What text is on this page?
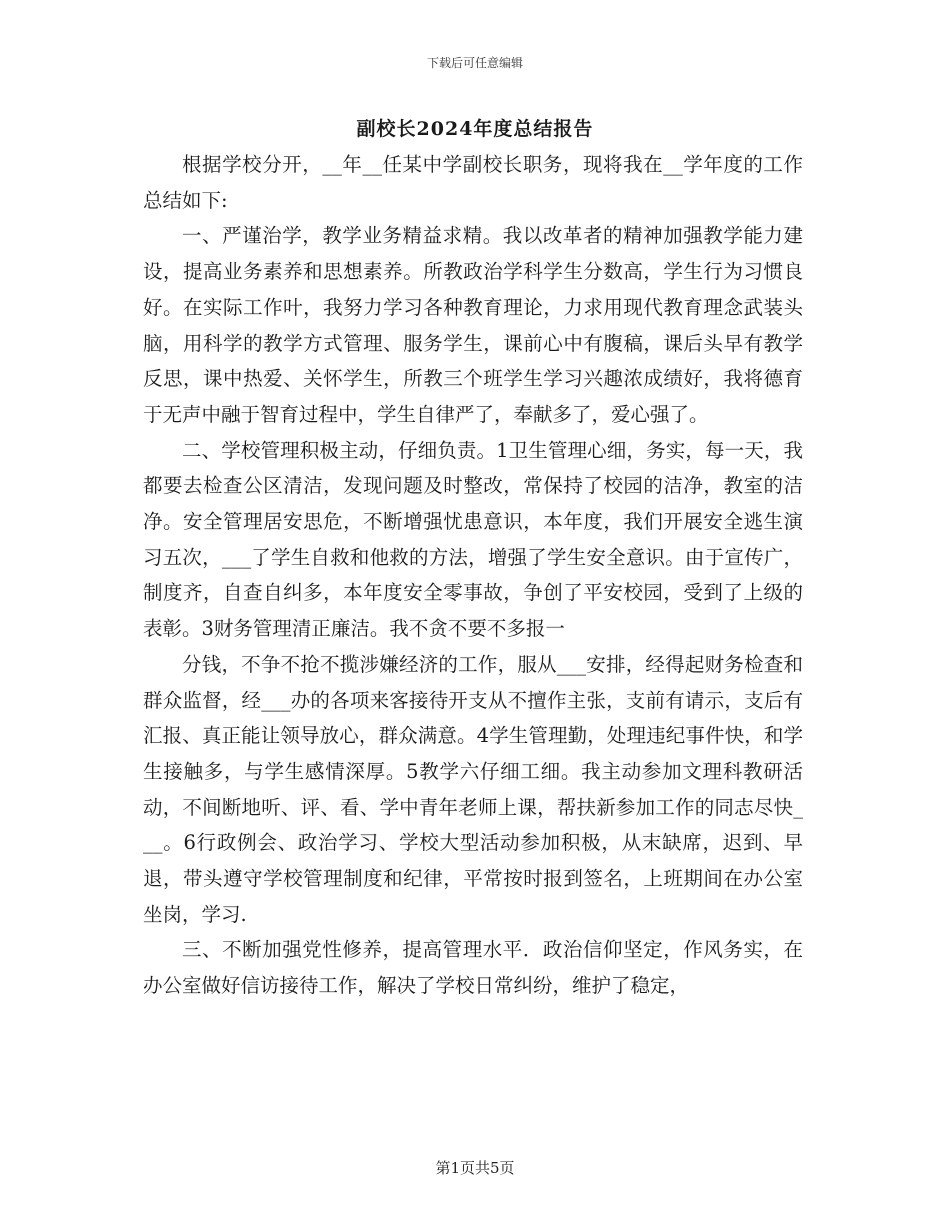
下载后可任意编辑
副校长2024年度总结报告

根据学校分开，__年__任某中学副校长职务，现将我在__学年度的工作总结如下:

一、严谨治学，教学业务精益求精。我以改革者的精神加强教学能力建设，提高业务素养和思想素养。所教政治学科学生分数高，学生行为习惯良好。在实际工作叶，我努力学习各种教育理论，力求用现代教育理念武装头脑，用科学的教学方式管理、服务学生，课前心中有腹稿，课后头早有教学反思，课中热爱、关怀学生，所教三个班学生学习兴趣浓成绩好，我将德育于无声中融于智育过程中，学生自律严了，奉献多了，爱心强了。

二、学校管理积极主动，仔细负责。1卫生管理心细，务实，每一天，我都要去检查公区清洁，发现问题及时整改，常保持了校园的洁净，教室的洁净。安全管理居安思危，不断增强忧患意识，本年度，我们开展安全逃生演习五次，___了学生自救和他救的方法，增强了学生安全意识。由于宣传广，制度齐，自查自纠多，本年度安全零事故，争创了平安校园，受到了上级的表彰。3财务管理清正廉洁。我不贪不要不多报一

分钱，不争不抢不揽涉嫌经济的工作，服从___安排，经得起财务检查和群众监督，经___办的各项来客接待开支从不擅作主张，支前有请示，支后有汇报、真正能让领导放心，群众满意。4学生管理勤，处理违纪事件快，和学生接触多，与学生感情深厚。5教学六仔细工细。我主动参加文理科教研活动，不间断地听、评、看、学中青年老师上课，帮扶新参加工作的同志尽快___。6行政例会、政治学习、学校大型活动参加积极，从末缺席，迟到、早退，带头遵守学校管理制度和纪律，平常按时报到签名，上班期间在办公室坐岗，学习.

三、不断加强党性修养，提高管理水平．政治信仰坚定，作风务实，在办公室做好信访接待工作，解决了学校日常纠纷，维护了稳定，

第1页共5页
